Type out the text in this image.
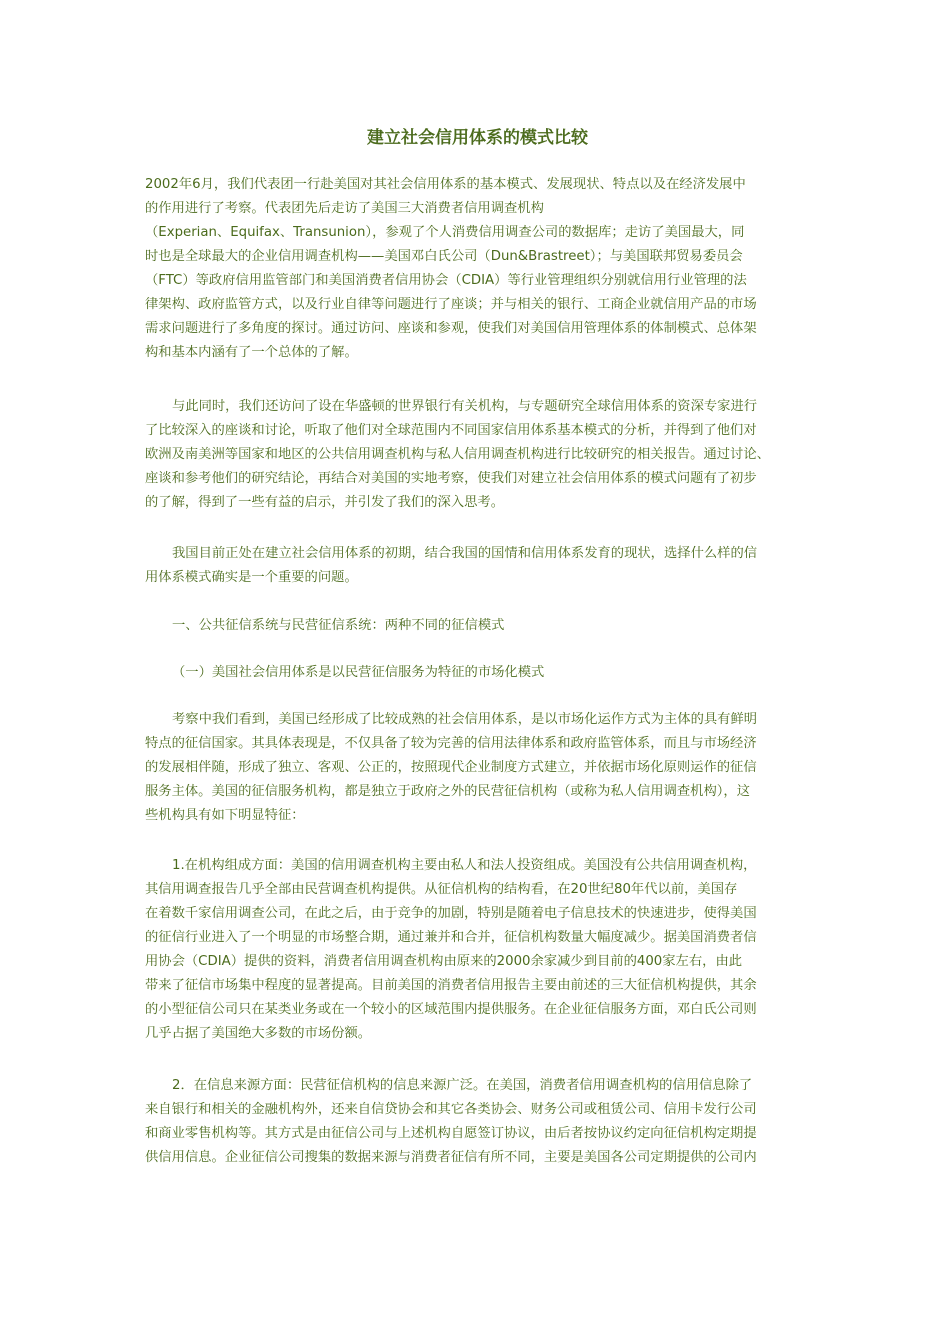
建立社会信用体系的模式比较

2002年6月，我们代表团一行赴美国对其社会信用体系的基本模式、发展现状、特点以及在经济发展中
的作用进行了考察。代表团先后走访了美国三大消费者信用调查机构
（Experian、Equifax、Transunion），参观了个人消费信用调查公司的数据库；走访了美国最大，同
时也是全球最大的企业信用调查机构——美国邓白氏公司（Dun&Brastreet）；与美国联邦贸易委员会
（FTC）等政府信用监管部门和美国消费者信用协会（CDIA）等行业管理组织分别就信用行业管理的法
律架构、政府监管方式，以及行业自律等问题进行了座谈；并与相关的银行、工商企业就信用产品的市场
需求问题进行了多角度的探讨。通过访问、座谈和参观，使我们对美国信用管理体系的体制模式、总体架
构和基本内涵有了一个总体的了解。

与此同时，我们还访问了设在华盛顿的世界银行有关机构，与专题研究全球信用体系的资深专家进行
了比较深入的座谈和讨论，听取了他们对全球范围内不同国家信用体系基本模式的分析，并得到了他们对
欧洲及南美洲等国家和地区的公共信用调查机构与私人信用调查机构进行比较研究的相关报告。通过讨论、
座谈和参考他们的研究结论，再结合对美国的实地考察，使我们对建立社会信用体系的模式问题有了初步
的了解，得到了一些有益的启示，并引发了我们的深入思考。

我国目前正处在建立社会信用体系的初期，结合我国的国情和信用体系发育的现状，选择什么样的信
用体系模式确实是一个重要的问题。

一、公共征信系统与民营征信系统：两种不同的征信模式

（一）美国社会信用体系是以民营征信服务为特征的市场化模式

考察中我们看到，美国已经形成了比较成熟的社会信用体系，是以市场化运作方式为主体的具有鲜明
特点的征信国家。其具体表现是，不仅具备了较为完善的信用法律体系和政府监管体系，而且与市场经济
的发展相伴随，形成了独立、客观、公正的，按照现代企业制度方式建立，并依据市场化原则运作的征信
服务主体。美国的征信服务机构，都是独立于政府之外的民营征信机构（或称为私人信用调查机构），这
些机构具有如下明显特征：

1.在机构组成方面：美国的信用调查机构主要由私人和法人投资组成。美国没有公共信用调查机构，
其信用调查报告几乎全部由民营调查机构提供。从征信机构的结构看，在20世纪80年代以前，美国存
在着数千家信用调查公司，在此之后，由于竞争的加剧，特别是随着电子信息技术的快速进步，使得美国
的征信行业进入了一个明显的市场整合期，通过兼并和合并，征信机构数量大幅度减少。据美国消费者信
用协会（CDIA）提供的资料，消费者信用调查机构由原来的2000余家减少到目前的400家左右，由此
带来了征信市场集中程度的显著提高。目前美国的消费者信用报告主要由前述的三大征信机构提供，其余
的小型征信公司只在某类业务或在一个较小的区域范围内提供服务。在企业征信服务方面，邓白氏公司则
几乎占据了美国绝大多数的市场份额。

2．在信息来源方面：民营征信机构的信息来源广泛。在美国，消费者信用调查机构的信用信息除了
来自银行和相关的金融机构外，还来自信贷协会和其它各类协会、财务公司或租赁公司、信用卡发行公司
和商业零售机构等。其方式是由征信公司与上述机构自愿签订协议，由后者按协议约定向征信机构定期提
供信用信息。企业征信公司搜集的数据来源与消费者征信有所不同，主要是美国各公司定期提供的公司内
